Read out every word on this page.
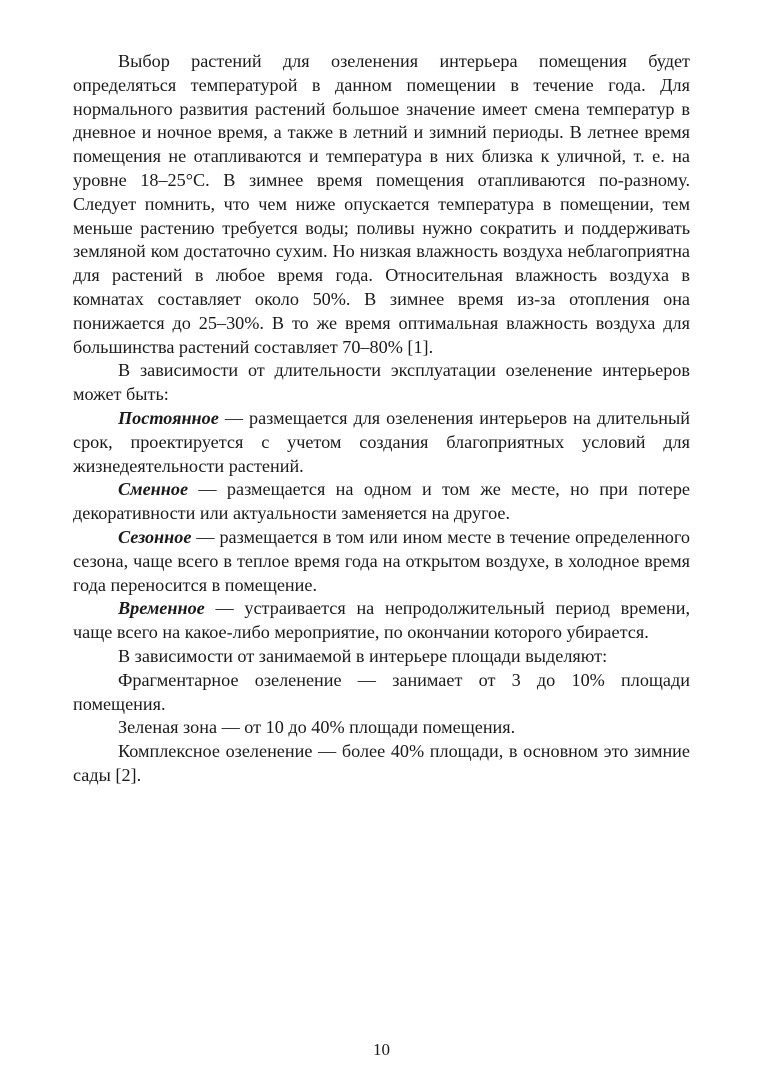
Выбор растений для озеленения интерьера помещения будет определяться температурой в данном помещении в течение года. Для нормального развития растений большое значение имеет смена температур в дневное и ночное время, а также в летний и зимний периоды. В летнее время помещения не отапливаются и температура в них близка к уличной, т. е. на уровне 18–25°С. В зимнее время помещения отапливаются по-разному. Следует помнить, что чем ниже опускается температура в помещении, тем меньше растению требуется воды; поливы нужно сократить и поддерживать земляной ком достаточно сухим. Но низкая влажность воздуха неблагоприятна для растений в любое время года. Относительная влажность воздуха в комнатах составляет около 50%. В зимнее время из-за отопления она понижается до 25–30%. В то же время оптимальная влажность воздуха для большинства растений составляет 70–80% [1].

В зависимости от длительности эксплуатации озеленение интерьеров может быть:

Постоянное — размещается для озеленения интерьеров на длительный срок, проектируется с учетом создания благоприятных условий для жизнедеятельности растений.

Сменное — размещается на одном и том же месте, но при потере декоративности или актуальности заменяется на другое.

Сезонное — размещается в том или ином месте в течение определенного сезона, чаще всего в теплое время года на открытом воздухе, в холодное время года переносится в помещение.

Временное — устраивается на непродолжительный период времени, чаще всего на какое-либо мероприятие, по окончании которого убирается.

В зависимости от занимаемой в интерьере площади выделяют:

Фрагментарное озеленение — занимает от 3 до 10% площади помещения.

Зеленая зона — от 10 до 40% площади помещения.

Комплексное озеленение — более 40% площади, в основном это зимние сады [2].

10
